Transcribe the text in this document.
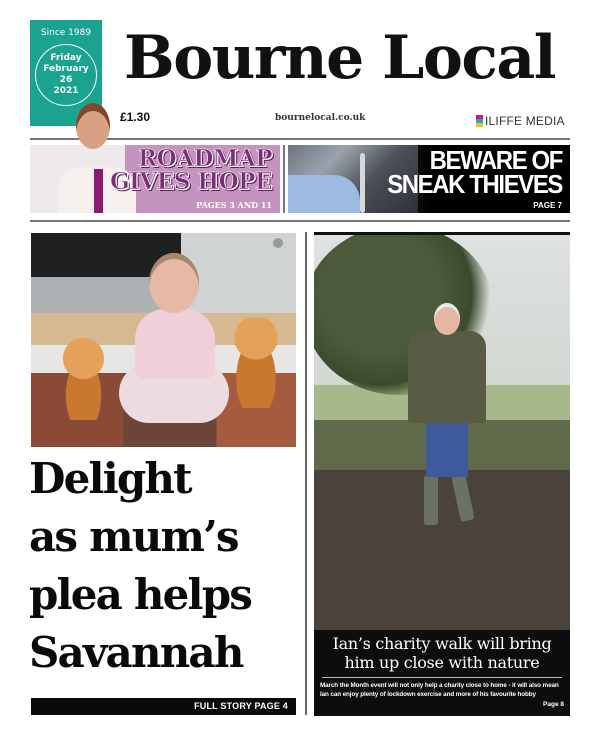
Since 1989
Friday
February 26
2021 Bourne Local
£1.30	bournelocal.co.uk	ILIFFE MEDIA
ROADMAP
GIVES HOPE
PAGES 3 AND 11
BEWARE OF
SNEAK THIEVES
PAGE 7
Delight
as mum’s
plea helps
Savannah
FULL STORY PAGE 4
Ian’s charity walk will bring him up close with nature
March the Month event will not only help a charity close to home - it will also mean Ian can enjoy plenty of lockdown exercise and more of his favourite hobby
Page 8
